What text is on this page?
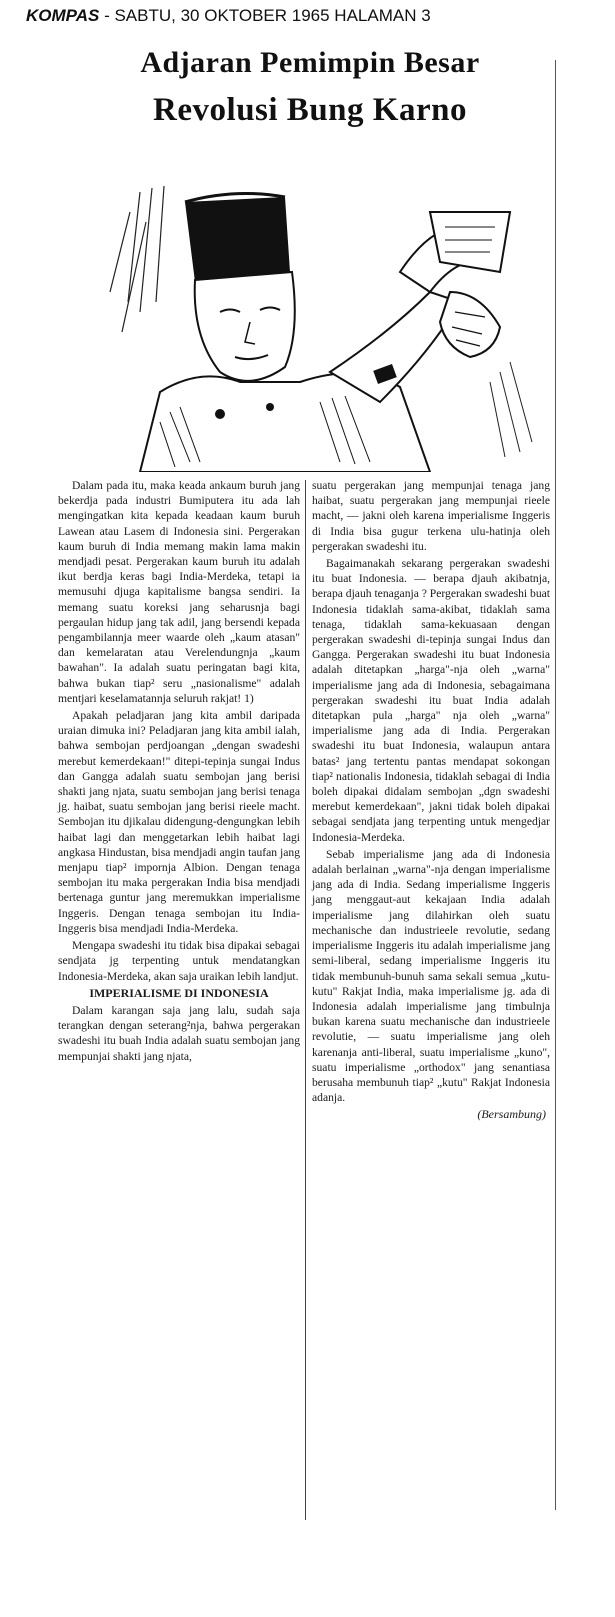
KOMPAS - SABTU, 30 OKTOBER 1965 HALAMAN 3
Adjaran Pemimpin Besar
Revolusi Bung Karno

Dalam pada itu, maka keada ankaum buruh jang bekerdja pada industri Bumiputera itu ada lah mengingatkan kita kepada keadaan kaum buruh Lawean atau Lasem di Indonesia sini. Pergerakan kaum buruh di India memang makin lama makin mendjadi pesat. Pergerakan kaum buruh itu adalah ikut berdja keras bagi India-Merdeka, tetapi ia memusuhi djuga kapitalisme bangsa sendiri. Ia memang suatu koreksi jang seharusnja bagi pergaulan hidup jang tak adil, jang bersendi kepada pengambilannja meer waarde oleh „kaum atasan" dan kemelaratan atau Verelendungnja „kaum bawahan". Ia adalah suatu peringatan bagi kita, bahwa bukan tiap² seru „nasionalisme" adalah mentjari keselamatannja seluruh rakjat! 1)

Apakah peladjaran jang kita ambil daripada uraian dimuka ini? Peladjaran jang kita ambil ialah, bahwa sembojan perdjoangan „dengan swadeshi merebut kemerdekaan!" ditepi-tepinja sungai Indus dan Gangga adalah suatu sembojan jang berisi shakti jang njata, suatu sembojan jang berisi tenaga jg. haibat, suatu sembojan jang berisi rieele macht. Sembojan itu djikalau didengung-dengungkan lebih haibat lagi dan menggetarkan lebih haibat lagi angkasa Hindustan, bisa mendjadi angin taufan jang menjapu tiap² impornja Albion. Dengan tenaga sembojan itu maka pergerakan India bisa mendjadi bertenaga guntur jang meremukkan imperialisme Inggeris. Dengan tenaga sembojan itu India-Inggeris bisa mendjadi India-Merdeka.

Mengapa swadeshi itu tidak bisa dipakai sebagai sendjata jg terpenting untuk mendatangkan Indonesia-Merdeka, akan saja uraikan lebih landjut.

IMPERIALISME DI INDONESIA

Dalam karangan saja jang lalu, sudah saja terangkan dengan seterang²nja, bahwa pergerakan swadeshi itu buah India adalah suatu sembojan jang mempunjai shakti jang njata,

suatu pergerakan jang mempunjai tenaga jang haibat, suatu pergerakan jang mempunjai rieele macht, — jakni oleh karena imperialisme Inggeris di India bisa gugur terkena ulu-hatinja oleh pergerakan swadeshi itu.

Bagaimanakah sekarang pergerakan swadeshi itu buat Indonesia. — berapa djauh akibatnja, berapa djauh tenaganja ? Pergerakan swadeshi buat Indonesia tidaklah sama-akibat, tidaklah sama tenaga, tidaklah sama-kekuasaan dengan pergerakan swadeshi di-tepinja sungai Indus dan Gangga. Pergerakan swadeshi itu buat Indonesia adalah ditetapkan „harga"-nja oleh „warna" imperialisme jang ada di Indonesia, sebagaimana pergerakan swadeshi itu buat India adalah ditetapkan pula „harga" nja oleh „warna" imperialisme jang ada di India. Pergerakan swadeshi itu buat Indonesia, walaupun antara batas² jang tertentu pantas mendapat sokongan tiap² nationalis Indonesia, tidaklah sebagai di India boleh dipakai didalam sembojan „dgn swadeshi merebut kemerdekaan", jakni tidak boleh dipakai sebagai sendjata jang terpenting untuk mengedjar Indonesia-Merdeka.

Sebab imperialisme jang ada di Indonesia adalah berlainan „warna"-nja dengan imperialisme jang ada di India. Sedang imperialisme Inggeris jang menggaut-aut kekajaan India adalah imperialisme jang dilahirkan oleh suatu mechanische dan industrieele revolutie, sedang imperialisme Inggeris itu adalah imperialisme jang semi-liberal, sedang imperialisme Inggeris itu tidak membunuh-bunuh sama sekali semua „kutu-kutu" Rakjat India, maka imperialisme jg. ada di Indonesia adalah imperialisme jang timbulnja bukan karena suatu mechanische dan industrieele revolutie, — suatu imperialisme jang oleh karenanja anti-liberal, suatu imperialisme „kuno", suatu imperialisme „orthodox" jang senantiasa berusaha membunuh tiap² „kutu" Rakjat Indonesia adanja.

(Bersambung)
